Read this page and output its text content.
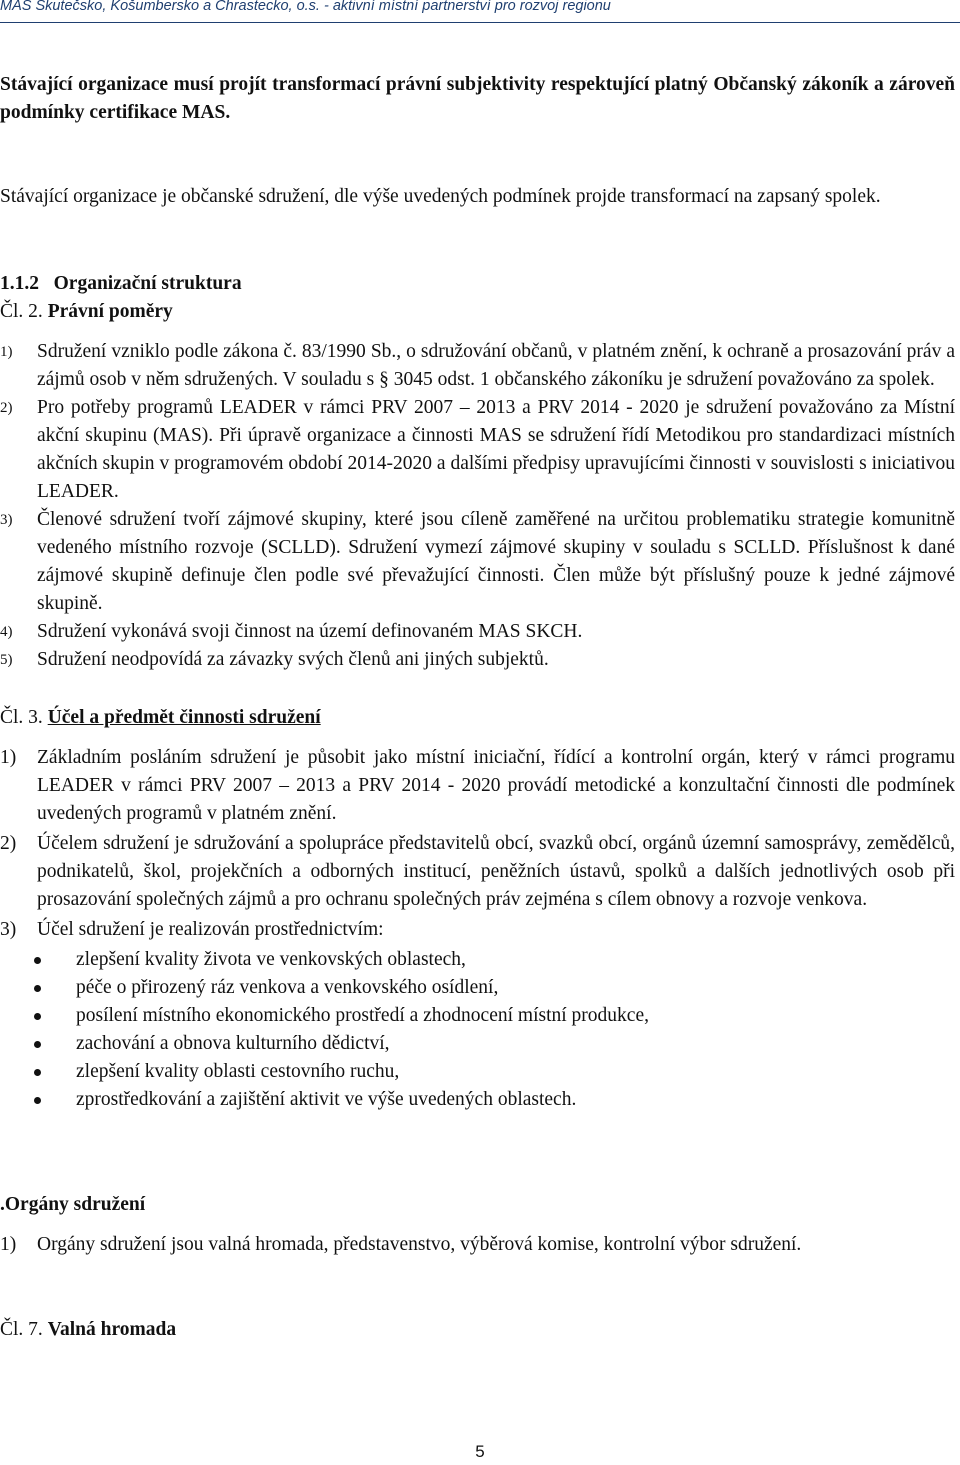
MAS Skutečsko, Košumbersko a Chrastecko, o.s. - aktivní místní partnerství pro rozvoj regionu
Stávající organizace musí projít transformací právní subjektivity respektující platný Občanský zákoník a zároveň podmínky certifikace MAS.
Stávající organizace je občanské sdružení, dle výše uvedených podmínek projde transformací na zapsaný spolek.
1.1.2 Organizační struktura
Čl. 2. Právní poměry
1) Sdružení vzniklo podle zákona č. 83/1990 Sb., o sdružování občanů, v platném znění, k ochraně a prosazování práv a zájmů osob v něm sdružených. V souladu s § 3045 odst. 1 občanského zákoníku je sdružení považováno za spolek.
2) Pro potřeby programů LEADER v rámci PRV 2007 – 2013 a PRV 2014 - 2020 je sdružení považováno za Místní akční skupinu (MAS). Při úpravě organizace a činnosti MAS se sdružení řídí Metodikou pro standardizaci místních akčních skupin v programovém období 2014-2020 a dalšími předpisy upravujícími činnosti v souvislosti s iniciativou LEADER.
3) Členové sdružení tvoří zájmové skupiny, které jsou cíleně zaměřené na určitou problematiku strategie komunitně vedeného místního rozvoje (SCLLD). Sdružení vymezí zájmové skupiny v souladu s SCLLD. Příslušnost k dané zájmové skupině definuje člen podle své převažující činnosti. Člen může být příslušný pouze k jedné zájmové skupině.
4) Sdružení vykonává svoji činnost na území definovaném MAS SKCH.
5) Sdružení neodpovídá za závazky svých členů ani jiných subjektů.
Čl. 3. Účel a předmět činnosti sdružení
1) Základním posláním sdružení je působit jako místní iniciační, řídící a kontrolní orgán, který v rámci programu LEADER v rámci PRV 2007 – 2013 a PRV 2014 - 2020 provádí metodické a konzultační činnosti dle podmínek uvedených programů v platném znění.
2) Účelem sdružení je sdružování a spolupráce představitelů obcí, svazků obcí, orgánů územní samosprávy, zemědělců, podnikatelů, škol, projekčních a odborných institucí, peněžních ústavů, spolků a dalších jednotlivých osob při prosazování společných zájmů a pro ochranu společných práv zejména s cílem obnovy a rozvoje venkova.
3) Účel sdružení je realizován prostřednictvím:
zlepšení kvality života ve venkovských oblastech,
péče o přirozený ráz venkova a venkovského osídlení,
posílení místního ekonomického prostředí a zhodnocení místní produkce,
zachování a obnova kulturního dědictví,
zlepšení kvality oblasti cestovního ruchu,
zprostředkování a zajištění aktivit ve výše uvedených oblastech.
.Orgány sdružení
1) Orgány sdružení jsou valná hromada, představenstvo, výběrová komise, kontrolní výbor sdružení.
Čl. 7. Valná hromada
5
